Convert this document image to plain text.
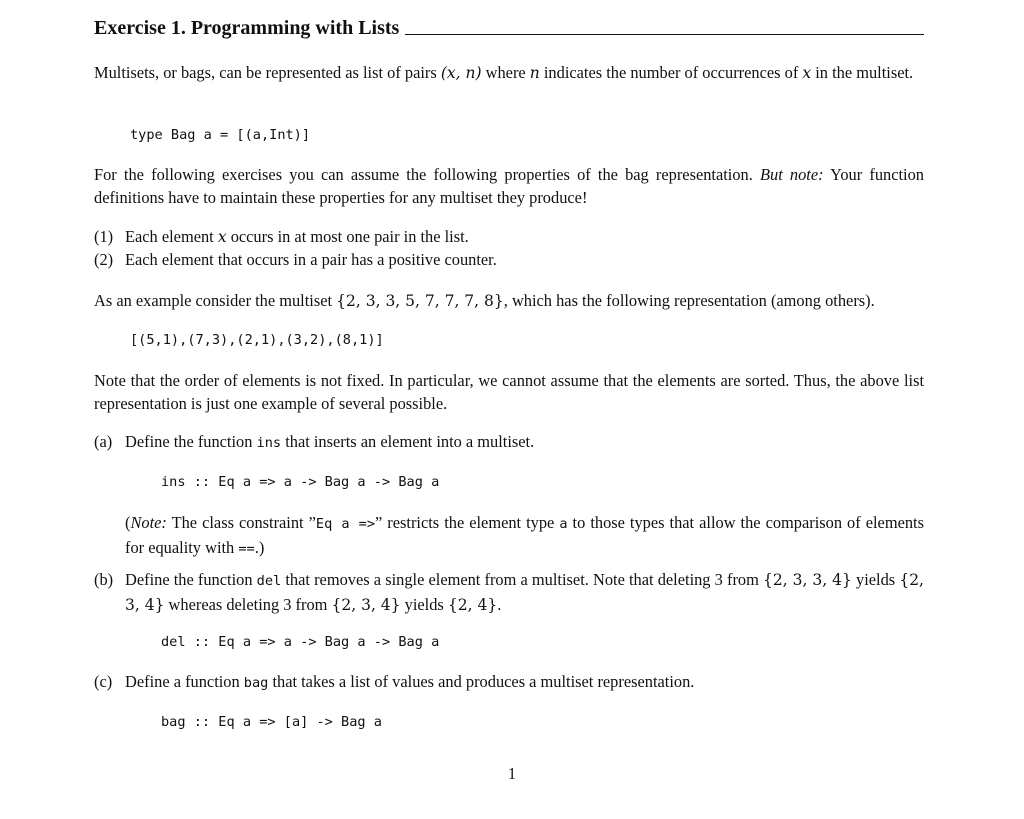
Exercise 1. Programming with Lists
Multisets, or bags, can be represented as list of pairs (x, n) where n indicates the number of occurrences of x in the multiset.
type Bag a = [(a,Int)]
For the following exercises you can assume the following properties of the bag representation. But note: Your function definitions have to maintain these properties for any multiset they produce!
(1) Each element x occurs in at most one pair in the list.
(2) Each element that occurs in a pair has a positive counter.
As an example consider the multiset {2, 3, 3, 5, 7, 7, 7, 8}, which has the following representation (among others).
[(5,1),(7,3),(2,1),(3,2),(8,1)]
Note that the order of elements is not fixed. In particular, we cannot assume that the elements are sorted. Thus, the above list representation is just one example of several possible.
(a) Define the function ins that inserts an element into a multiset.
ins :: Eq a => a -> Bag a -> Bag a
(Note: The class constraint ”Eq a =>” restricts the element type a to those types that allow the comparison of elements for equality with ==.)
(b) Define the function del that removes a single element from a multiset. Note that deleting 3 from {2, 3, 3, 4} yields {2, 3, 4} whereas deleting 3 from {2, 3, 4} yields {2, 4}.
del :: Eq a => a -> Bag a -> Bag a
(c) Define a function bag that takes a list of values and produces a multiset representation.
bag :: Eq a => [a] -> Bag a
1
